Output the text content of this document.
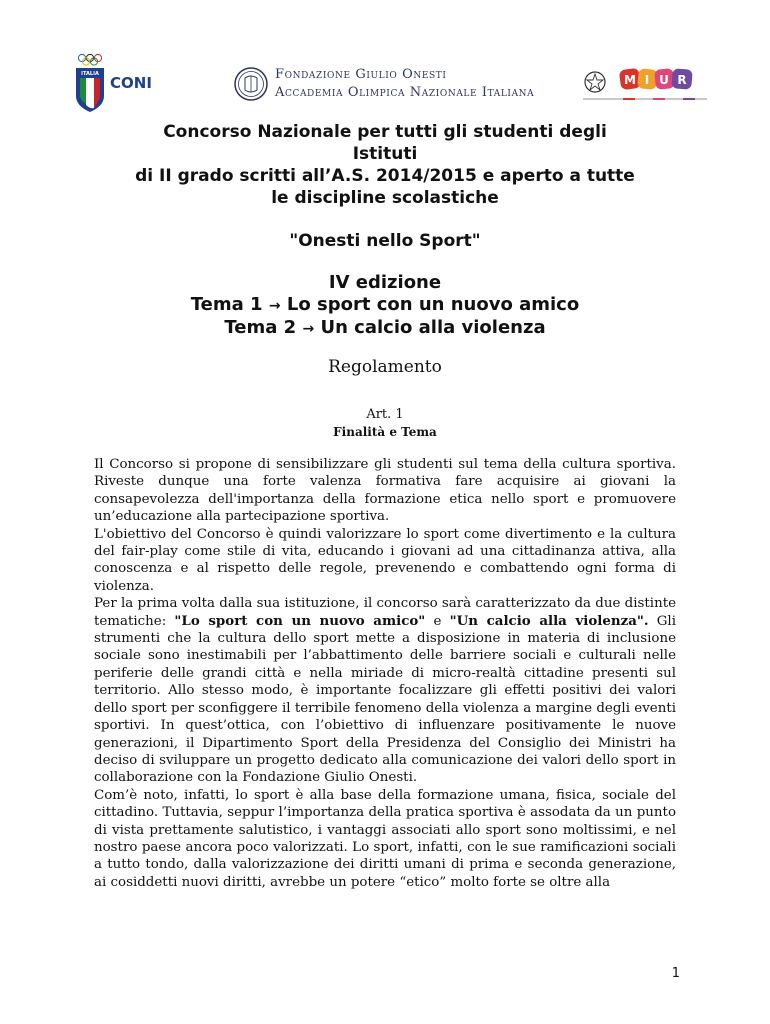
ITALIA CONI	Fondazione Giulio Onesti
Accademia Olimpica Nazionale Italiana
M I U R
Concorso Nazionale per tutti gli studenti degli
Istituti
di II grado scritti all’A.S. 2014/2015 e aperto a tutte
le discipline scolastiche
"Onesti nello Sport"
IV edizione
Tema 1 → Lo sport con un nuovo amico
Tema 2 → Un calcio alla violenza
Regolamento
Art. 1
Finalità e Tema

Il Concorso si propone di sensibilizzare gli studenti sul tema della cultura sportiva. Riveste dunque una forte valenza formativa fare acquisire ai giovani la consapevolezza dell'importanza della formazione etica nello sport e promuovere un’educazione alla partecipazione sportiva.

L'obiettivo del Concorso è quindi valorizzare lo sport come divertimento e la cultura del fair-play come stile di vita, educando i giovani ad una cittadinanza attiva, alla conoscenza e al rispetto delle regole, prevenendo e combattendo ogni forma di violenza.

Per la prima volta dalla sua istituzione, il concorso sarà caratterizzato da due distinte tematiche: "Lo sport con un nuovo amico" e "Un calcio alla violenza". Gli strumenti che la cultura dello sport mette a disposizione in materia di inclusione sociale sono inestimabili per l’abbattimento delle barriere sociali e culturali nelle periferie delle grandi città e nella miriade di micro-realtà cittadine presenti sul territorio. Allo stesso modo, è importante focalizzare gli effetti positivi dei valori dello sport per sconfiggere il terribile fenomeno della violenza a margine degli eventi sportivi. In quest’ottica, con l’obiettivo di influenzare positivamente le nuove generazioni, il Dipartimento Sport della Presidenza del Consiglio dei Ministri ha deciso di sviluppare un progetto dedicato alla comunicazione dei valori dello sport in collaborazione con la Fondazione Giulio Onesti.

Com’è noto, infatti, lo sport è alla base della formazione umana, fisica, sociale del cittadino. Tuttavia, seppur l’importanza della pratica sportiva è assodata da un punto di vista prettamente salutistico, i vantaggi associati allo sport sono moltissimi, e nel nostro paese ancora poco valorizzati. Lo sport, infatti, con le sue ramificazioni sociali a tutto tondo, dalla valorizzazione dei diritti umani di prima e seconda generazione, ai cosiddetti nuovi diritti, avrebbe un potere “etico” molto forte se oltre alla

1
